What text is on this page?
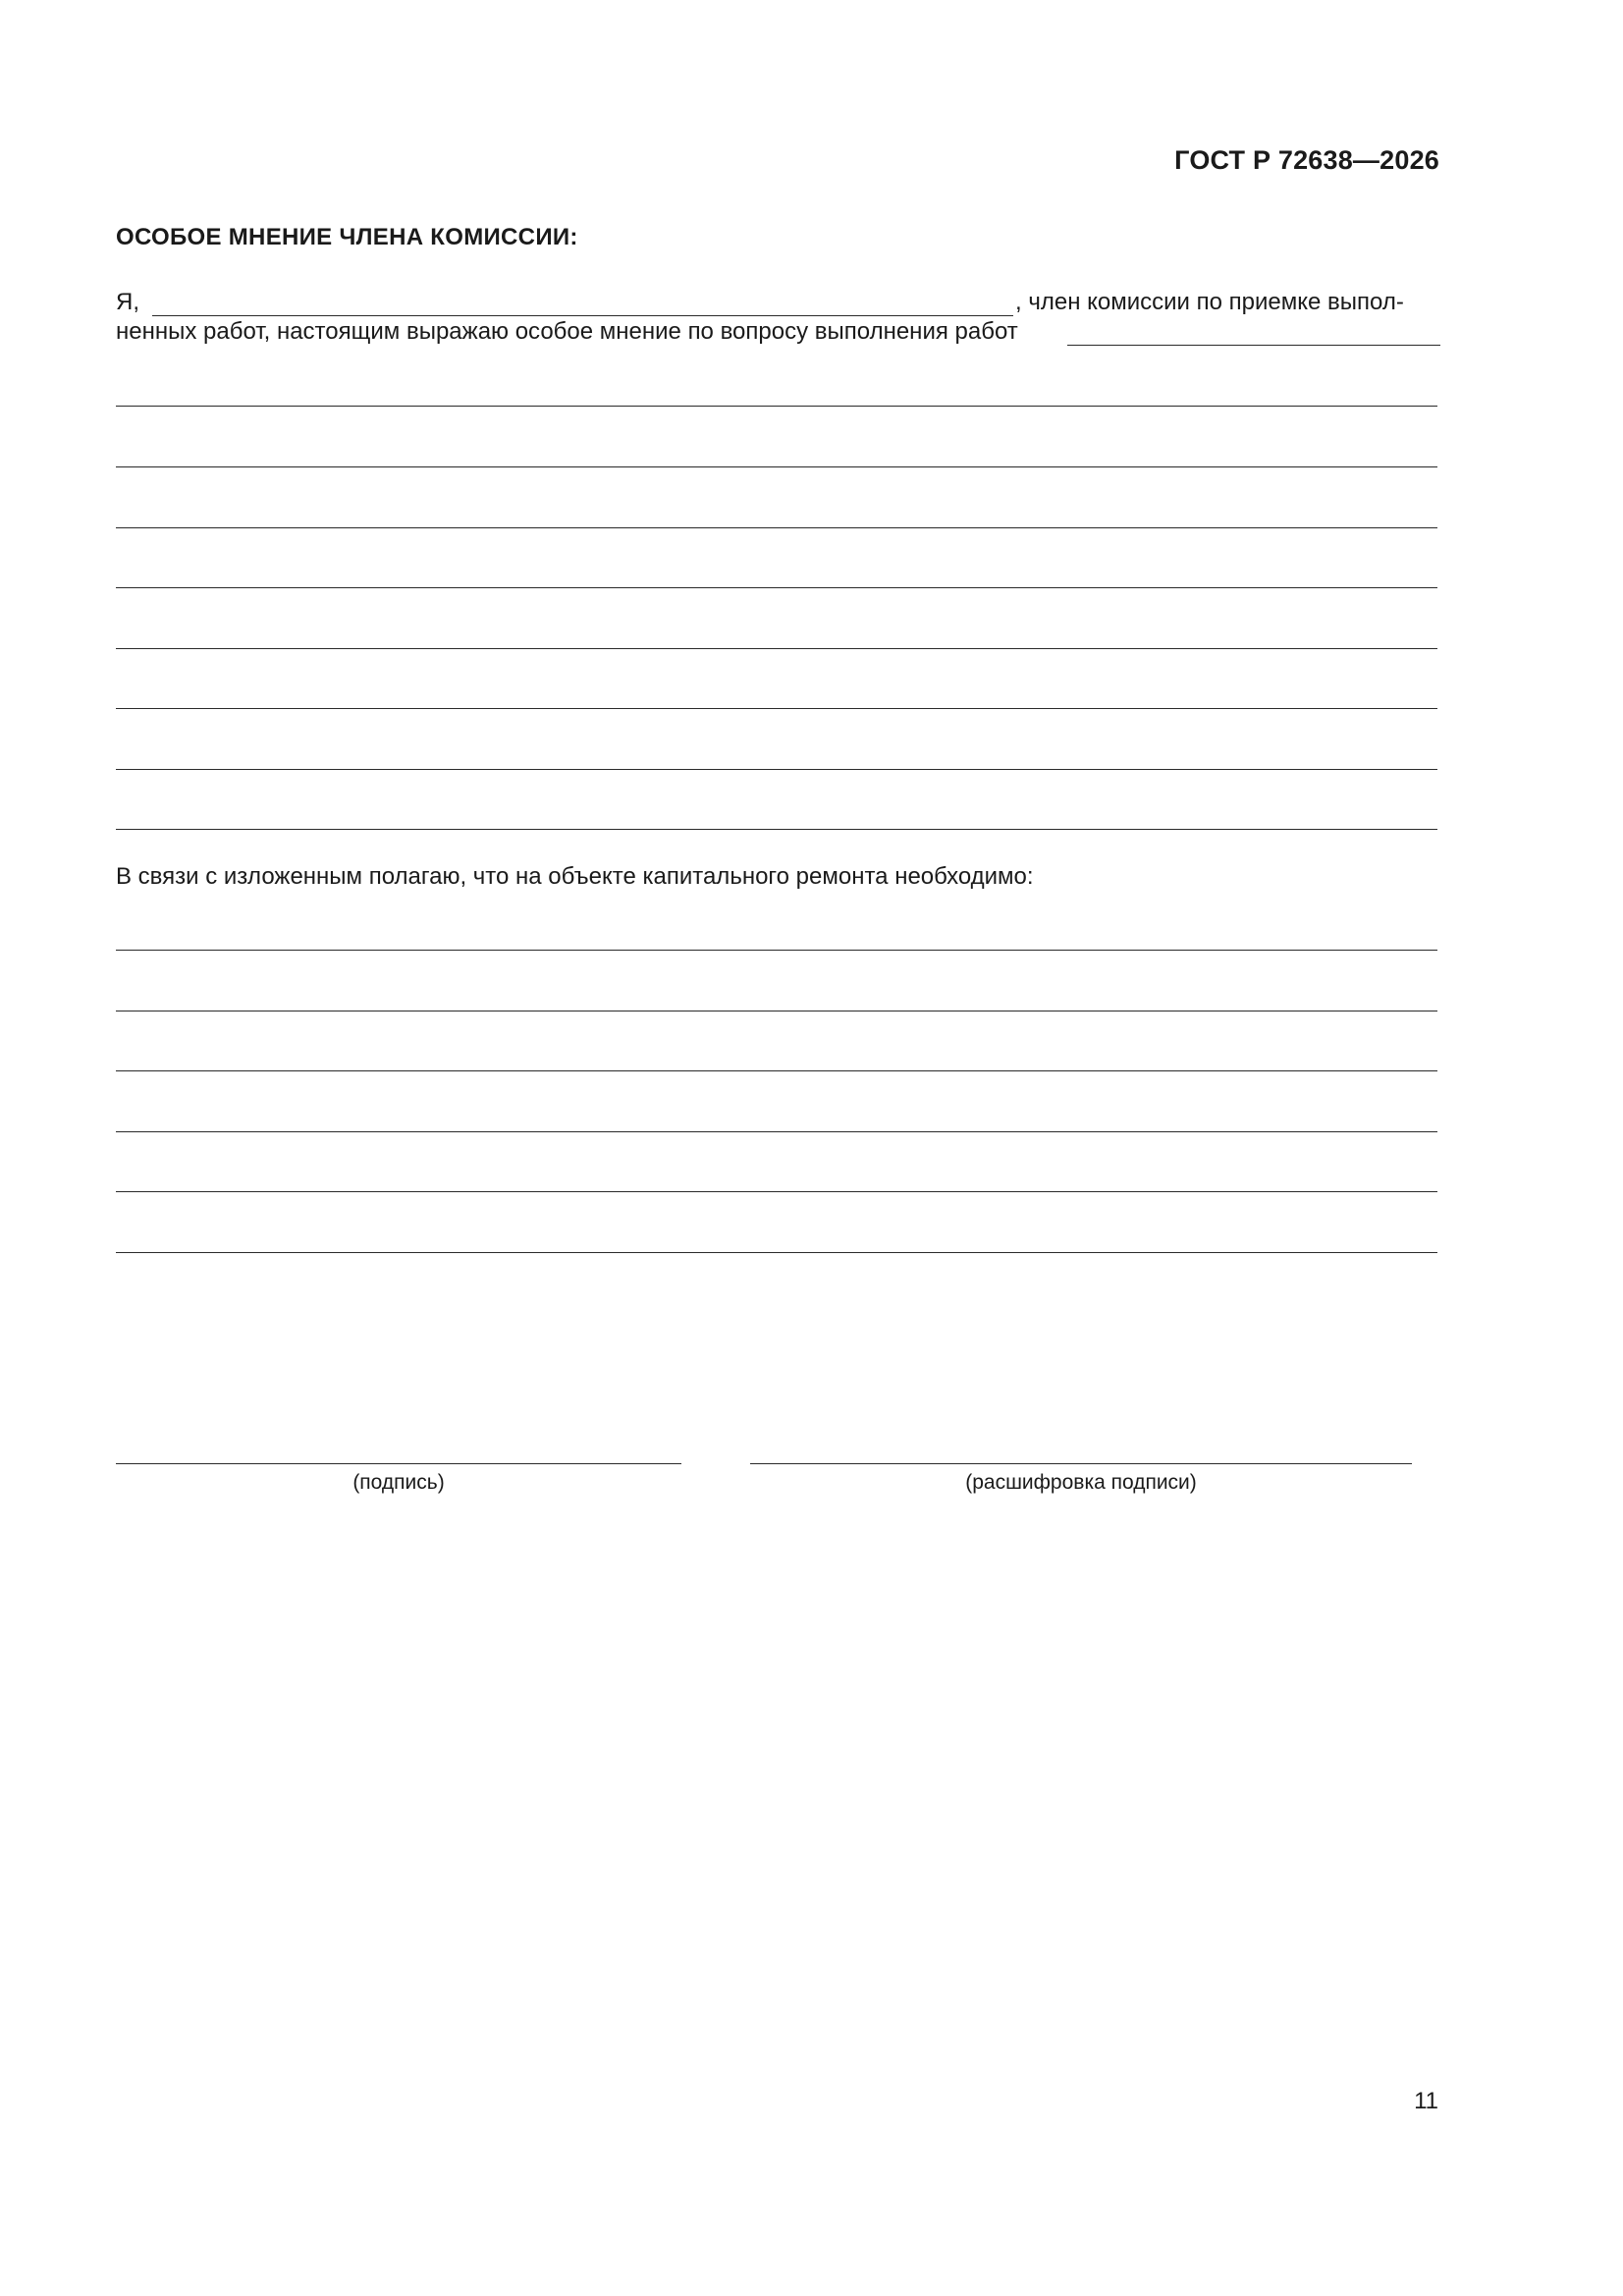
ГОСТ Р 72638—2026
ОСОБОЕ МНЕНИЕ ЧЛЕНА КОМИССИИ:
Я,	, член комиссии по приемке выпол-
ненных работ, настоящим выражаю особое мнение по вопросу выполнения работ
В связи с изложенным полагаю, что на объекте капитального ремонта необходимо:
(подпись)	(расшифровка подписи)
11
